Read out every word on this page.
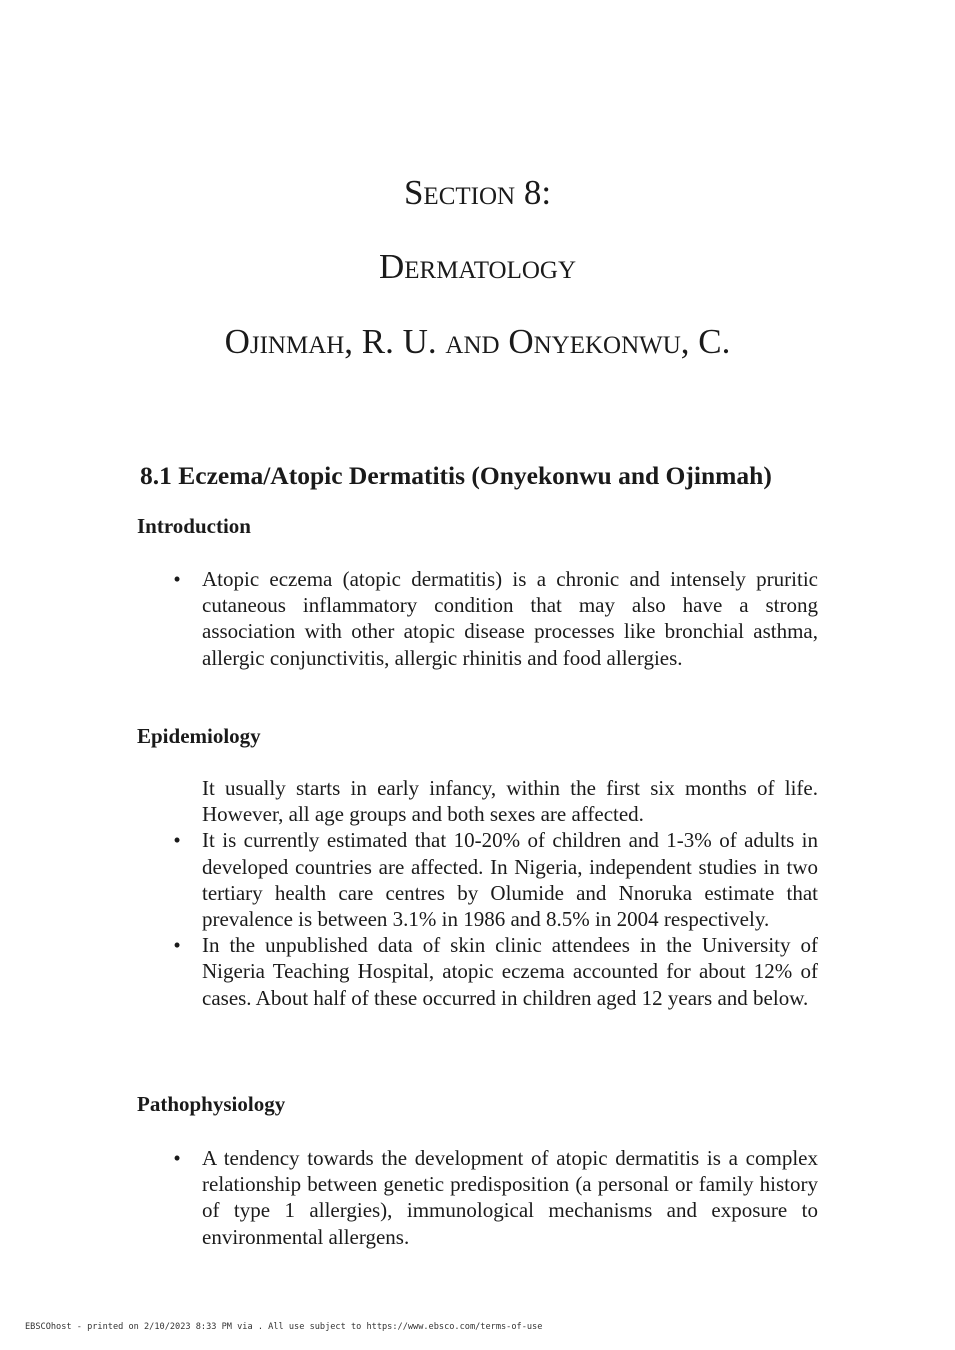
Section 8:
Dermatology
Ojinmah, R. U. and Onyekonwu, C.
8.1 Eczema/Atopic Dermatitis (Onyekonwu and Ojinmah)
Introduction
• Atopic eczema (atopic dermatitis) is a chronic and intensely pruritic cutaneous inflammatory condition that may also have a strong association with other atopic disease processes like bronchial asthma, allergic conjunctivitis, allergic rhinitis and food allergies.

Epidemiology

It usually starts in early infancy, within the first six months of life. However, all age groups and both sexes are affected.

• It is currently estimated that 10-20% of children and 1-3% of adults in developed countries are affected. In Nigeria, independent studies in two tertiary health care centres by Olumide and Nnoruka estimate that prevalence is between 3.1% in 1986 and 8.5% in 2004 respectively.

• In the unpublished data of skin clinic attendees in the University of Nigeria Teaching Hospital, atopic eczema accounted for about 12% of cases. About half of these occurred in children aged 12 years and below.

Pathophysiology
• A tendency towards the development of atopic dermatitis is a complex relationship between genetic predisposition (a personal or family history of type 1 allergies), immunological mechanisms and exposure to environmental allergens.

EBSCOhost - printed on 2/10/2023 8:33 PM via . All use subject to https://www.ebsco.com/terms-of-use
